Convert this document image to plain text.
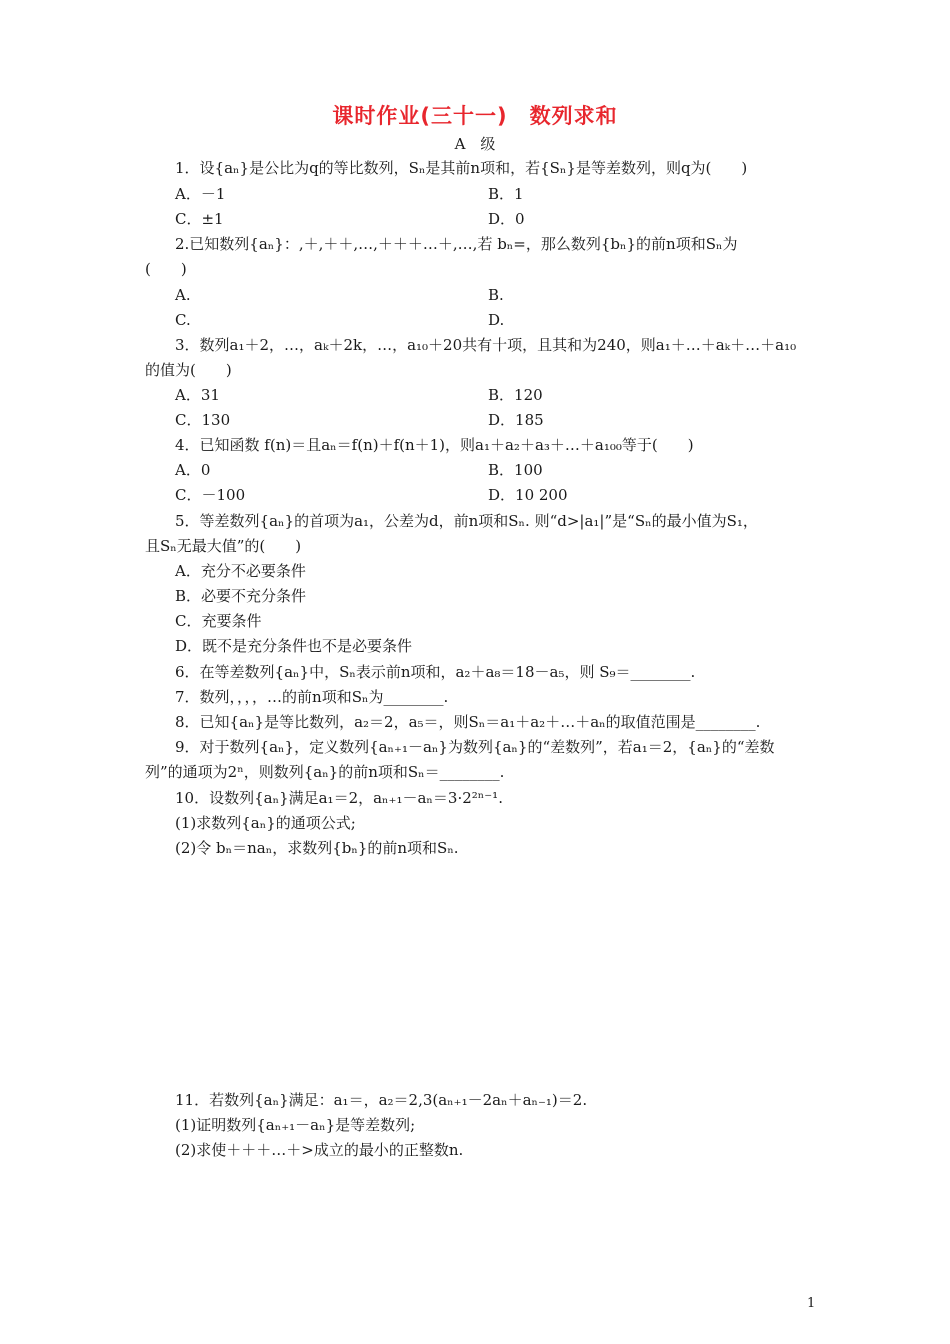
课时作业(三十一)　数列求和
A　级
1．设{aₙ}是公比为q的等比数列，Sₙ是其前n项和，若{Sₙ}是等差数列，则q为(　　)
A．－1	B．1
C．±1	D．0
2.已知数列{aₙ}：,＋,＋＋,…,＋＋＋…＋,…,若 bₙ=，那么数列{bₙ}的前n项和Sₙ为
(　　)
A.	B.
C.	D.
3．数列a₁＋2，…，aₖ＋2k，…，a₁₀＋20共有十项，且其和为240，则a₁＋…＋aₖ＋…＋a₁₀
的值为(　　)
A．31	B．120
C．130	D．185
4．已知函数 f(n)＝且aₙ＝f(n)＋f(n＋1)，则a₁＋a₂＋a₃＋…＋a₁₀₀等于(　　)
A．0	B．100
C．－100	D．10 200
5．等差数列{aₙ}的首项为a₁，公差为d，前n项和Sₙ. 则“d>|a₁|”是“Sₙ的最小值为S₁，
且Sₙ无最大值”的(　　)
A．充分不必要条件
B．必要不充分条件
C．充要条件
D．既不是充分条件也不是必要条件
6．在等差数列{aₙ}中，Sₙ表示前n项和，a₂＋a₈＝18－a₅，则 S₉＝________.
7．数列，，，，…的前n项和Sₙ为________.
8．已知{aₙ}是等比数列，a₂＝2，a₅＝，则Sₙ＝a₁＋a₂＋…＋aₙ的取值范围是________.
9．对于数列{aₙ}，定义数列{aₙ₊₁－aₙ}为数列{aₙ}的“差数列”，若a₁＝2，{aₙ}的“差数
列”的通项为2ⁿ，则数列{aₙ}的前n项和Sₙ＝________.
10．设数列{aₙ}满足a₁＝2，aₙ₊₁－aₙ＝3·2²ⁿ⁻¹.
(1)求数列{aₙ}的通项公式;
(2)令 bₙ＝naₙ，求数列{bₙ}的前n项和Sₙ.
11．若数列{aₙ}满足：a₁＝，a₂＝2,3(aₙ₊₁－2aₙ＋aₙ₋₁)＝2.
(1)证明数列{aₙ₊₁－aₙ}是等差数列;
(2)求使＋＋＋…＋>成立的最小的正整数n.
1
